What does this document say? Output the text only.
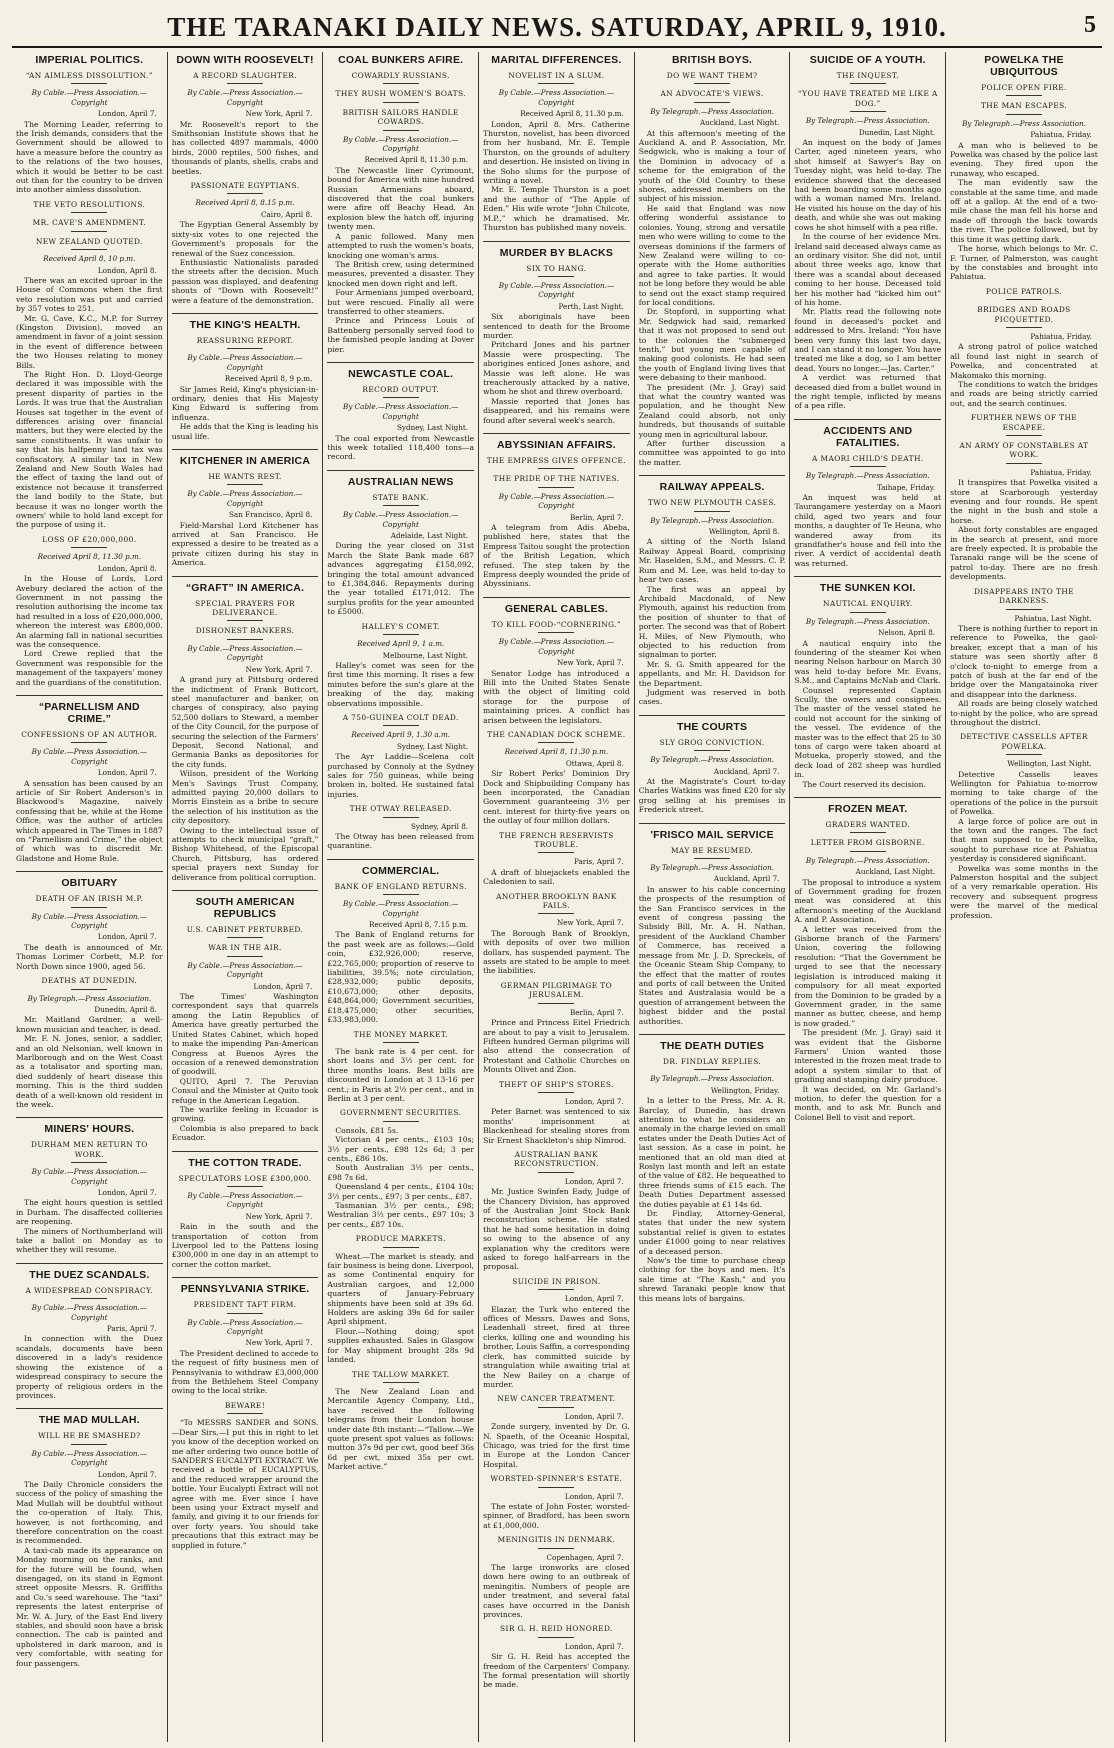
THE TARANAKI DAILY NEWS. SATURDAY, APRIL 9, 1910.	5
IMPERIAL POLITICS.
“AN AIMLESS DISSOLUTION.”
By Cable.—Press Association.—Copyright
London, April 7.

The Morning Leader, referring to the Irish demands, considers that the Government should be allowed to have a measure before the country as to the relations of the two houses, which it would be better to be cast out than for the country to be driven into another aimless dissolution.

THE VETO RESOLUTIONS.
MR. CAVE'S AMENDMENT.
NEW ZEALAND QUOTED.
Received April 8, 10 p.m.
London, April 8.

There was an excited uproar in the House of Commons when the first veto resolution was put and carried by 357 votes to 251.

Mr. G. Cave, K.C., M.P. for Surrey (Kingston Division), moved an amendment in favor of a joint session in the event of difference between the two Houses relating to money Bills.

The Right Hon. D. Lloyd-George declared it was impossible with the present disparity of parties in the Lords. It was true that the Australian Houses sat together in the event of differences arising over financial matters, but they were elected by the same constituents. It was unfair to say that his halfpenny land tax was confiscatory. A similar tax in New Zealand and New South Wales had the effect of taxing the land out of existence not because it transferred the land bodily to the State, but because it was no longer worth the owners' while to hold land except for the purpose of using it.

LOSS OF £20,000,000.
Received April 8, 11.30 p.m.
London, April 8.

In the House of Lords, Lord Avebury declared the action of the Government in not passing the resolution authorising the income tax had resulted in a loss of £20,000,000, whereon the interest was £800,000. An alarming fall in national securities was the consequence.

Lord Crewe replied that the Government was responsible for the management of the taxpayers' money and the guardians of the constitution.

“PARNELLISM AND CRIME.”
CONFESSIONS OF AN AUTHOR.
By Cable.—Press Association.—Copyright
London, April 7.

A sensation has been caused by an article of Sir Robert Anderson's in Blackwood's Magazine, naively confessing that he, while at the Home Office, was the author of articles which appeared in The Times in 1887 on “Parnellism and Crime,” the object of which was to discredit Mr. Gladstone and Home Rule.

OBITUARY
DEATH OF AN IRISH M.P.
By Cable.—Press Association.—Copyright
London, April 7.

The death is announced of Mr. Thomas Lorimer Corbett, M.P. for North Down since 1900, aged 56.

DEATHS AT DUNEDIN.
By Telegraph.—Press Association.
Dunedin, April 8.

Mr. Maitland Gardner, a well-known musician and teacher, is dead.

Mr. F. N. Jones, senior, a saddler, and an old Nelsonian, well known in Marlborough and on the West Coast as a totalisator and sporting man, died suddenly of heart disease this morning. This is the third sudden death of a well-known old resident in the week.

MINERS' HOURS.
DURHAM MEN RETURN TO WORK.
By Cable.—Press Association.—Copyright
London, April 7.

The eight hours question is settled in Durham. The disaffected collieries are reopening.

The miners of Northumberland will take a ballot on Monday as to whether they will resume.

THE DUEZ SCANDALS.
A WIDESPREAD CONSPIRACY.
By Cable.—Press Association.—Copyright
Paris, April 7.

In connection with the Duez scandals, documents have been discovered in a lady's residence showing the existence of a widespread conspiracy to secure the property of religious orders in the provinces.

THE MAD MULLAH.
WILL HE BE SMASHED?
By Cable.—Press Association.—Copyright
London, April 7.

The Daily Chronicle considers the success of the policy of smashing the Mad Mullah will be doubtful without the co-operation of Italy. This, however, is not forthcoming, and therefore concentration on the coast is recommended.

A taxi-cab made its appearance on Monday morning on the ranks, and for the future will be found, when disengaged, on its stand in Egmont street opposite Messrs. R. Griffiths and Co.'s seed warehouse. The “taxi” represents the latest enterprise of Mr. W. A. Jury, of the East End livery stables, and should soon have a brisk connection. The cab is painted and upholstered in dark maroon, and is very comfortable, with seating for four passengers.

DOWN WITH ROOSEVELT!
A RECORD SLAUGHTER.
By Cable.—Press Association.—Copyright
New York, April 7.

Mr. Roosevelt's report to the Smithsonian Institute shows that he has collected 4897 mammals, 4000 birds, 2000 reptiles, 500 fishes, and thousands of plants, shells, crabs and beetles.

PASSIONATE EGYPTIANS.
Received April 8, 8.15 p.m.
Cairo, April 8.

The Egyptian General Assembly by sixty-six votes to one rejected the Government's proposals for the renewal of the Suez concession.

Enthusiastic Nationalists paraded the streets after the decision. Much passion was displayed, and deafening shouts of “Down with Roosevelt!” were a feature of the demonstration.

THE KING'S HEALTH.
REASSURING REPORT.
By Cable.—Press Association.—Copyright
Received April 8, 9 p.m.

Sir James Reid, King's physician-in-ordinary, denies that His Majesty King Edward is suffering from influenza.

He adds that the King is leading his usual life.

KITCHENER IN AMERICA
HE WANTS REST.
By Cable.—Press Association.—Copyright
San Francisco, April 8.

Field-Marshal Lord Kitchener has arrived at San Francisco. He expressed a desire to be treated as a private citizen during his stay in America.

“GRAFT” IN AMERICA.
SPECIAL PRAYERS FOR DELIVERANCE.
DISHONEST BANKERS.
By Cable.—Press Association.—Copyright
New York, April 7.

A grand jury at Pittsburg ordered the indictment of Frank Buttcort, steel manufacturer and banker, on charges of conspiracy, also paying 52,500 dollars to Steward, a member of the City Council, for the purpose of securing the selection of the Farmers' Deposit, Second National, and Germania Banks as depositories for the city funds.

Wilson, president of the Working Men's Savings Trust Company, admitted paying 20,000 dollars to Morris Einstein as a bribe to secure the selection of his institution as the city depository.

Owing to the intellectual issue of attempts to check municipal “graft,” Bishop Whitehead, of the Episcopal Church, Pittsburg, has ordered special prayers next Sunday for deliverance from political corruption.

SOUTH AMERICAN REPUBLICS
U.S. CABINET PERTURBED.
WAR IN THE AIR.
By Cable.—Press Association.—Copyright
London, April 7.

The Times' Washington correspondent says that quarrels among the Latin Republics of America have greatly perturbed the United States Cabinet, which hoped to make the impending Pan-American Congress at Buenos Ayres the occasion of a renewed demonstration of goodwill.

QUITO, April 7. The Peruvian Consul and the Minister at Quito took refuge in the American Legation.

The warlike feeling in Ecuador is growing.

Colombia is also prepared to back Ecuador.

THE COTTON TRADE.
SPECULATORS LOSE £300,000.
By Cable.—Press Association.—Copyright
New York, April 7.

Rain in the south and the transportation of cotton from Liverpool led to the Pattens losing £300,000 in one day in an attempt to corner the cotton market.

PENNSYLVANIA STRIKE.
PRESIDENT TAFT FIRM.
By Cable.—Press Association.—Copyright
New York, April 7.

The President declined to accede to the request of fifty business men of Pennsylvania to withdraw £3,000,000 from the Bethlehem Steel Company owing to the local strike.

BEWARE!

“To MESSRS SANDER and SONS.—Dear Sirs,—I put this in right to let you know of the deception worked on me after ordering two ounce bottle of SANDER'S EUCALYPTI EXTRACT. We received a bottle of EUCALYPTUS, and the reduced wrapper around the bottle. Your Eucalypti Extract will not agree with me. Ever since I have been using your Extract myself and family, and giving it to our friends for over forty years. You should take precautions that this extract may be supplied in future.”

COAL BUNKERS AFIRE.
COWARDLY RUSSIANS.
THEY RUSH WOMEN'S BOATS.
BRITISH SAILORS HANDLE COWARDS.
By Cable.—Press Association.—Copyright
Received April 8, 11.30 p.m.

The Newcastle liner Cyrimount, bound for America with nine hundred Russian Armenians aboard, discovered that the coal bunkers were afire off Beachy Head. An explosion blew the hatch off, injuring twenty men.

A panic followed. Many men attempted to rush the women's boats, knocking one woman's arms.

The British crew, using determined measures, prevented a disaster. They knocked men down right and left.

Four Armenians jumped overboard, but were rescued. Finally all were transferred to other steamers.

Prince and Princess Louis of Battenberg personally served food to the famished people landing at Dover pier.

NEWCASTLE COAL.
RECORD OUTPUT.
By Cable.—Press Association.—Copyright
Sydney, Last Night.

The coal exported from Newcastle this week totalled 118,400 tons—a record.

AUSTRALIAN NEWS
STATE BANK.
By Cable.—Press Association.—Copyright
Adelaide, Last Night.

During the year closed on 31st March the State Bank made 687 advances aggregating £158,092, bringing the total amount advanced to £1,384,846. Repayments during the year totalled £171,012. The surplus profits for the year amounted to £5000.

HALLEY'S COMET.
Received April 9, 1 a.m.
Melbourne, Last Night.

Halley's comet was seen for the first time this morning. It rises a few minutes before the sun's glare at the breaking of the day, making observations impossible.

A 750-GUINEA COLT DEAD.
Received April 9, 1.30 a.m.
Sydney, Last Night.

The Ayr Laddie—Scelena colt purchased by Connoly at the Sydney sales for 750 guineas, while being broken in, bolted. He sustained fatal injuries.

THE OTWAY RELEASED.
Sydney, April 8.

The Otway has been released from quarantine.

COMMERCIAL.
BANK OF ENGLAND RETURNS.
By Cable.—Press Association.—Copyright
Received April 8, 7.15 p.m.

The Bank of England returns for the past week are as follows:—Gold coin, £32,926,000; reserve, £22,765,000; proportion of reserve to liabilities, 39.5%; note circulation, £28,932,000; public deposits, £10,673,000; other deposits, £48,864,000; Government securities, £18,475,000; other securities, £33,983,000.

THE MONEY MARKET.

The bank rate is 4 per cent. for short loans and 3½ per cent. for three months loans. Best bills are discounted in London at 3 13-16 per cent.; in Paris at 2½ per cent., and in Berlin at 3 per cent.

GOVERNMENT SECURITIES.

Consols, £81 5s.

Victorian 4 per cents., £103 10s; 3½ per cents., £98 12s 6d; 3 per cents., £86 10s.

South Australian 3½ per cents., £98 7s 6d.

Queensland 4 per cents., £104 10s; 3½ per cents., £97; 3 per cents., £87.

Tasmanian 3½ per cents., £98; Westralian 3½ per cents., £97 10s; 3 per cents., £87 10s.

PRODUCE MARKETS.

Wheat.—The market is steady, and fair business is being done. Liverpool, as some Continental enquiry for Australian cargoes, and 12,000 quarters of January-February shipments have been sold at 39s 6d. Holders are asking 39s 6d for sailer April shipment.

Flour.—Nothing doing; spot supplies exhausted. Sales in Glasgow for May shipment brought 28s 9d landed.

THE TALLOW MARKET.

The New Zealand Loan and Mercantile Agency Company, Ltd., have received the following telegrams from their London house under date 8th instant:—“Tallow.—We quote present spot values as follows: mutton 37s 9d per cwt, good beef 36s 6d per cwt, mixed 35s per cwt. Market active.”

MARITAL DIFFERENCES.
NOVELIST IN A SLUM.
By Cable.—Press Association.—Copyright
Received April 8, 11.30 p.m.

London, April 8. Mrs. Catherine Thurston, novelist, has been divorced from her husband, Mr. E. Temple Thurston, on the grounds of adultery and desertion. He insisted on living in the Soho slums for the purpose of writing a novel.

Mr. E. Temple Thurston is a poet and the author of “The Apple of Eden.” His wife wrote “John Chilcote, M.P.,” which he dramatised. Mr. Thurston has published many novels.

MURDER BY BLACKS
SIX TO HANG.
By Cable.—Press Association.—Copyright
Perth, Last Night.

Six aboriginals have been sentenced to death for the Broome murder.

Pritchard Jones and his partner Massie were prospecting. The aborigines enticed Jones ashore, and Massie was left alone. He was treacherously attacked by a native, whom he shot and threw overboard.

Massie reported that Jones has disappeared, and his remains were found after several week's search.

ABYSSINIAN AFFAIRS.
THE EMPRESS GIVES OFFENCE.
THE PRIDE OF THE NATIVES.
By Cable.—Press Association.—Copyright
Berlin, April 7.

A telegram from Adis Abeba, published here, states that the Empress Taitou sought the protection of the British Legation, which refused. The step taken by the Empress deeply wounded the pride of Abyssinians.

GENERAL CABLES.
TO KILL FOOD-“CORNERING.”
By Cable.—Press Association.—Copyright
New York, April 7.

Senator Lodge has introduced a Bill into the United States Senate with the object of limiting cold storage for the purpose of maintaining prices. A conflict has arisen between the legislators.

THE CANADIAN DOCK SCHEME.
Received April 8, 11.30 p.m.
Ottawa, April 8.

Sir Robert Perks' Dominion Dry Dock and Shipbuilding Company has been incorporated, the Canadian Government guaranteeing 3½ per cent. interest for thirty-five years on the outlay of four million dollars.

THE FRENCH RESERVISTS TROUBLE.
Paris, April 7.

A draft of bluejackets enabled the Caledonien to sail.

ANOTHER BROOKLYN BANK FAILS.
New York, April 7.

The Borough Bank of Brooklyn, with deposits of over two million dollars, has suspended payment. The assets are stated to be ample to meet the liabilities.

GERMAN PILGRIMAGE TO JERUSALEM.
Berlin, April 7.

Prince and Princess Eitel Friedrich are about to pay a visit to Jerusalem. Fifteen hundred German pilgrims will also attend the consecration of Protestant and Catholic Churches on Mounts Olivet and Zion.

THEFT OF SHIP'S STORES.
London, April 7.

Peter Barnet was sentenced to six months' imprisonment at Blackenhead for stealing stores from Sir Ernest Shackleton's ship Nimrod.

AUSTRALIAN BANK RECONSTRUCTION.
London, April 7.

Mr. Justice Swinfen Eady, Judge of the Chancery Division, has approved of the Australian Joint Stock Bank reconstruction scheme. He stated that he had some hesitation in doing so owing to the absence of any explanation why the creditors were asked to forego half-arrears in the proposal.

SUICIDE IN PRISON.
London, April 7.

Elazar, the Turk who entered the offices of Messrs. Dawes and Sons, Leadenhall street, fired at three clerks, killing one and wounding his brother, Louis Saffin, a corresponding clerk, has committed suicide by strangulation while awaiting trial at the New Bailey on a charge of murder.

NEW CANCER TREATMENT.
London, April 7.

Zonde surgery, invented by Dr. G. N. Spaeth, of the Oceanic Hospital, Chicago, was tried for the first time in Europe at the London Cancer Hospital.

WORSTED-SPINNER'S ESTATE.
London, April 7.

The estate of John Foster, worsted-spinner, of Bradford, has been sworn at £1,000,000.

MENINGITIS IN DENMARK.
Copenhagen, April 7.

The large ironworks are closed down here owing to an outbreak of meningitis. Numbers of people are under treatment, and several fatal cases have occurred in the Danish provinces.

SIR G. H. REID HONORED.
London, April 7.

Sir G. H. Reid has accepted the freedom of the Carpenters' Company. The formal presentation will shortly be made.

BRITISH BOYS.
DO WE WANT THEM?
AN ADVOCATE'S VIEWS.
By Telegraph.—Press Association.
Auckland, Last Night.

At this afternoon's meeting of the Auckland A. and P. Association, Mr. Sedgwick, who is making a tour of the Dominion in advocacy of a scheme for the emigration of the youth of the Old Country to these shores, addressed members on the subject of his mission.

He said that England was now offering wonderful assistance to colonies. Young, strong and versatile men who were willing to come to the overseas dominions if the farmers of New Zealand were willing to co-operate with the Home authorities and agree to take parties. It would not be long before they would be able to send out the exact stamp required for local conditions.

Dr. Stopford, in supporting what Mr. Sedgwick had said, remarked that it was not proposed to send out to the colonies the “submerged tenth,” but young men capable of making good colonists. He had seen the youth of England living lives that were debasing to their manhood.

The president (Mr. J. Gray) said that what the country wanted was population, and he thought New Zealand could absorb, not only hundreds, but thousands of suitable young men in agricultural labour.

After further discussion a committee was appointed to go into the matter.

RAILWAY APPEALS.
TWO NEW PLYMOUTH CASES.
By Telegraph.—Press Association.
Wellington, April 8.

A sitting of the North Island Railway Appeal Board, comprising Mr. Haselden, S.M., and Messrs. C. P. Rum and M. Lee, was held to-day to hear two cases.

The first was an appeal by Archibald Macdonald, of New Plymouth, against his reduction from the position of shunter to that of porter. The second was that of Robert H. Miles, of New Plymouth, who objected to his reduction from signalman to porter.

Mr. S. G. Smith appeared for the appellants, and Mr. H. Davidson for the Department.

Judgment was reserved in both cases.

THE COURTS
SLY GROG CONVICTION.
By Telegraph.—Press Association.
Auckland, April 7.

At the Magistrate's Court to-day Charles Watkins was fined £20 for sly grog selling at his premises in Frederick street.

'FRISCO MAIL SERVICE
MAY BE RESUMED.
By Telegraph.—Press Association.
Auckland, April 7.

In answer to his cable concerning the prospects of the resumption of the San Francisco services in the event of congress passing the Subsidy Bill, Mr. A. H. Nathan, president of the Auckland Chamber of Commerce, has received a message from Mr. J. D. Spreckels, of the Oceanic Steam Ship Company, to the effect that the matter of routes and ports of call between the United States and Australasia would be a question of arrangement between the highest bidder and the postal authorities.

THE DEATH DUTIES
DR. FINDLAY REPLIES.
By Telegraph.—Press Association.
Wellington, Friday.

In a letter to the Press, Mr. A. R. Barclay, of Dunedin, has drawn attention to what he considers an anomaly in the charge levied on small estates under the Death Duties Act of last session. As a case in point, he mentioned that an old man died at Roslyn last month and left an estate of the value of £82. He bequeathed to three friends sums of £15 each. The Death Duties Department assessed the duties payable at £1 14s 6d.

Dr. Findlay, Attorney-General, states that under the new system substantial relief is given to estates under £1000 going to near relatives of a deceased person.

Now's the time to purchase cheap clothing for the boys and men. It's sale time at “The Kash,” and you shrewd Taranaki people know that this means lots of bargains.

SUICIDE OF A YOUTH.
THE INQUEST.
“YOU HAVE TREATED ME LIKE A DOG.”
By Telegraph.—Press Association.
Dunedin, Last Night.

An inquest on the body of James Carter, aged nineteen years, who shot himself at Sawyer's Bay on Tuesday night, was held to-day. The evidence showed that the deceased had been boarding some months ago with a woman named Mrs. Ireland. He visited his house on the day of his death, and while she was out making cows he shot himself with a pea rifle.

In the course of her evidence Mrs. Ireland said deceased always came as an ordinary visitor. She did not, until about three weeks ago, know that there was a scandal about deceased coming to her house. Deceased told her his mother had “kicked him out” of his home.

Mr. Platts read the following note found in deceased's pocket and addressed to Mrs. Ireland: “You have been very funny this last two days, and I can stand it no longer. You have treated me like a dog, so I am better dead. Yours no longer.—Jas. Carter.”

A verdict was returned that deceased died from a bullet wound in the right temple, inflicted by means of a pea rifle.

ACCIDENTS AND FATALITIES.
A MAORI CHILD'S DEATH.
By Telegraph.—Press Association.
Taihape, Friday.

An inquest was held at Taurangamere yesterday on a Maori child, aged two years and four months, a daughter of Te Heuna, who wandered away from its grandfather's house and fell into the river. A verdict of accidental death was returned.

THE SUNKEN KOI.
NAUTICAL ENQUIRY.
By Telegraph.—Press Association.
Nelson, April 8.

A nautical enquiry into the foundering of the steamer Koi when nearing Nelson harbour on March 30 was held to-day before Mr. Evans, S.M., and Captains McNab and Clark.

Counsel represented Captain Scully, the owners and consignees. The master of the vessel stated he could not account for the sinking of the vessel. The evidence of the master was to the effect that 25 to 30 tons of cargo were taken aboard at Motueka, properly stowed, and the deck load of 282 sheep was hurdled in.

The Court reserved its decision.

FROZEN MEAT.
GRADERS WANTED.
LETTER FROM GISBORNE.
By Telegraph.—Press Association.
Auckland, Last Night.

The proposal to introduce a system of Government grading for frozen meat was considered at this afternoon's meeting of the Auckland A. and P. Association.

A letter was received from the Gisborne branch of the Farmers' Union, covering the following resolution: “That the Government be urged to see that the necessary legislation is introduced making it compulsory for all meat exported from the Dominion to be graded by a Government grader, in the same manner as butter, cheese, and hemp is now graded.”

The president (Mr. J. Gray) said it was evident that the Gisborne Farmers' Union wanted those interested in the frozen meat trade to adopt a system similar to that of grading and stamping dairy produce.

It was decided, on Mr. Garland's motion, to defer the question for a month, and to ask Mr. Bunch and Colonel Bell to visit and report.

POWELKA THE UBIQUITOUS
POLICE OPEN FIRE.
THE MAN ESCAPES.
By Telegraph.—Press Association.
Pahiatua, Friday.

A man who is believed to be Powelka was chased by the police last evening. They fired upon the runaway, who escaped.

The man evidently saw the constable at the same time, and made off at a gallop. At the end of a two-mile chase the man fell his horse and made off through the back towards the river. The police followed, but by this time it was getting dark.

The horse, which belongs to Mr. C. F. Turner, of Palmerston, was caught by the constables and brought into Pahiatua.

POLICE PATROLS.
BRIDGES AND ROADS PICQUETTED.
Pahiatua, Friday.

A strong patrol of police watched all found last night in search of Powelka, and concentrated at Makomako this morning.

The conditions to watch the bridges and roads are being strictly carried out, and the search continues.

FURTHER NEWS OF THE ESCAPEE.
AN ARMY OF CONSTABLES AT WORK.
Pahiatua, Friday.

It transpires that Powelka visited a store at Scarborough yesterday evening and four rounds. He spent the night in the bush and stole a horse.

About forty constables are engaged in the search at present, and more are freely expected. It is probable the Taranaki range will be the scene of patrol to-day. There are no fresh developments.

DISAPPEARS INTO THE DARKNESS.
Pahiatua, Last Night.

There is nothing further to report in reference to Powelka, the gaol-breaker, except that a man of his stature was seen shortly after 8 o'clock to-night to emerge from a patch of bush at the far end of the bridge over the Mangatainoka river and disappear into the darkness.

All roads are being closely watched to-night by the police, who are spread throughout the district.

DETECTIVE CASSELLS AFTER POWELKA.
Wellington, Last Night.

Detective Cassells leaves Wellington for Pahiatua to-morrow morning to take charge of the operations of the police in the pursuit of Powelka.

A large force of police are out in the town and the ranges. The fact that man supposed to be Powelka, sought to purchase rice at Pahiatua yesterday is considered significant.

Powelka was some months in the Palmerston hospital and the subject of a very remarkable operation. His recovery and subsequent progress were the marvel of the medical profession.
